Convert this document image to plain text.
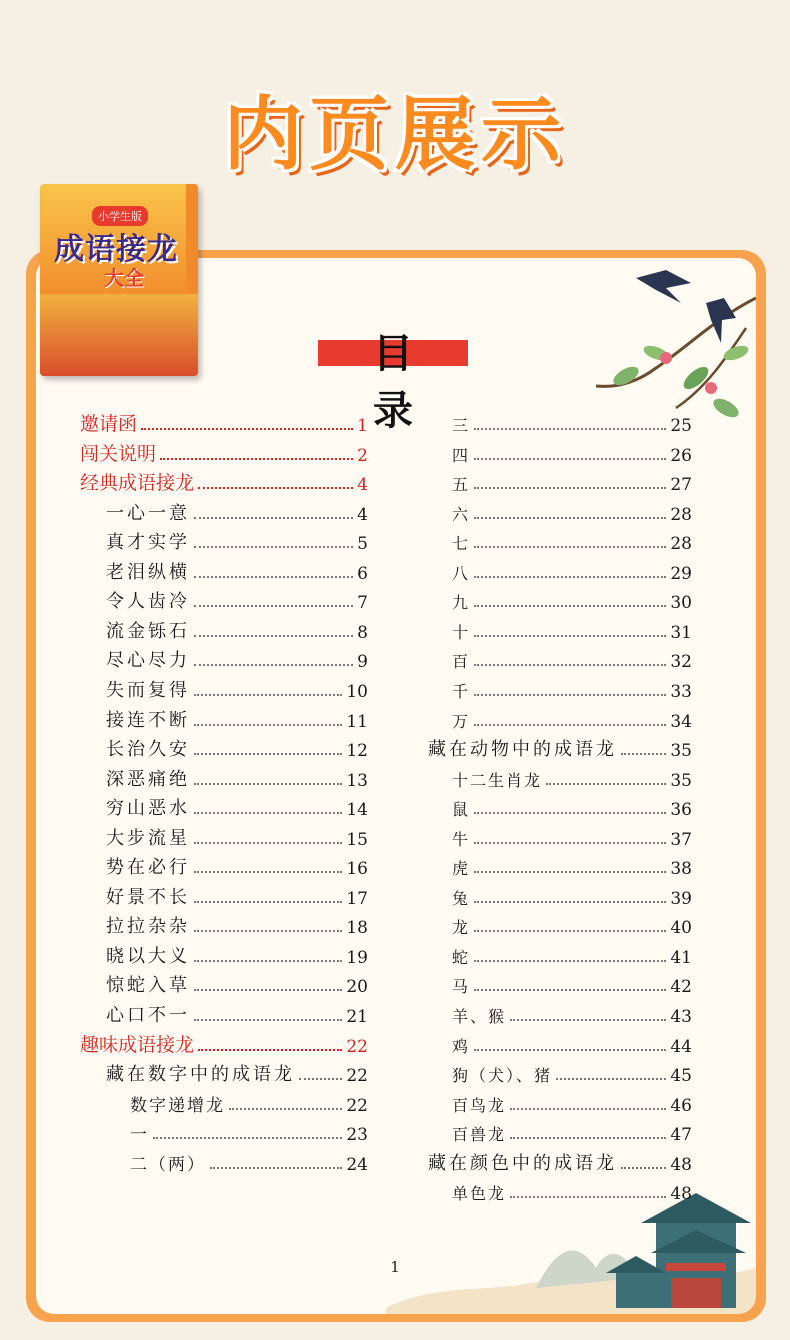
内页展示
小学生版
成语接龙
大全
目录
邀请函	1
闯关说明	2
经典成语接龙	4
一心一意	4
真才实学	5
老泪纵横	6
令人齿冷	7
流金铄石	8
尽心尽力	9
失而复得	10
接连不断	11
长治久安	12
深恶痛绝	13
穷山恶水	14
大步流星	15
势在必行	16
好景不长	17
拉拉杂杂	18
晓以大义	19
惊蛇入草	20
心口不一	21
趣味成语接龙	22
藏在数字中的成语龙	22
数字递增龙	22
一	23
二（两）	24
三	25
四	26
五	27
六	28
七	28
八	29
九	30
十	31
百	32
千	33
万	34
藏在动物中的成语龙	35
十二生肖龙	35
鼠	36
牛	37
虎	38
兔	39
龙	40
蛇	41
马	42
羊、猴	43
鸡	44
狗（犬）、猪	45
百鸟龙	46
百兽龙	47
藏在颜色中的成语龙	48
单色龙	48
1
